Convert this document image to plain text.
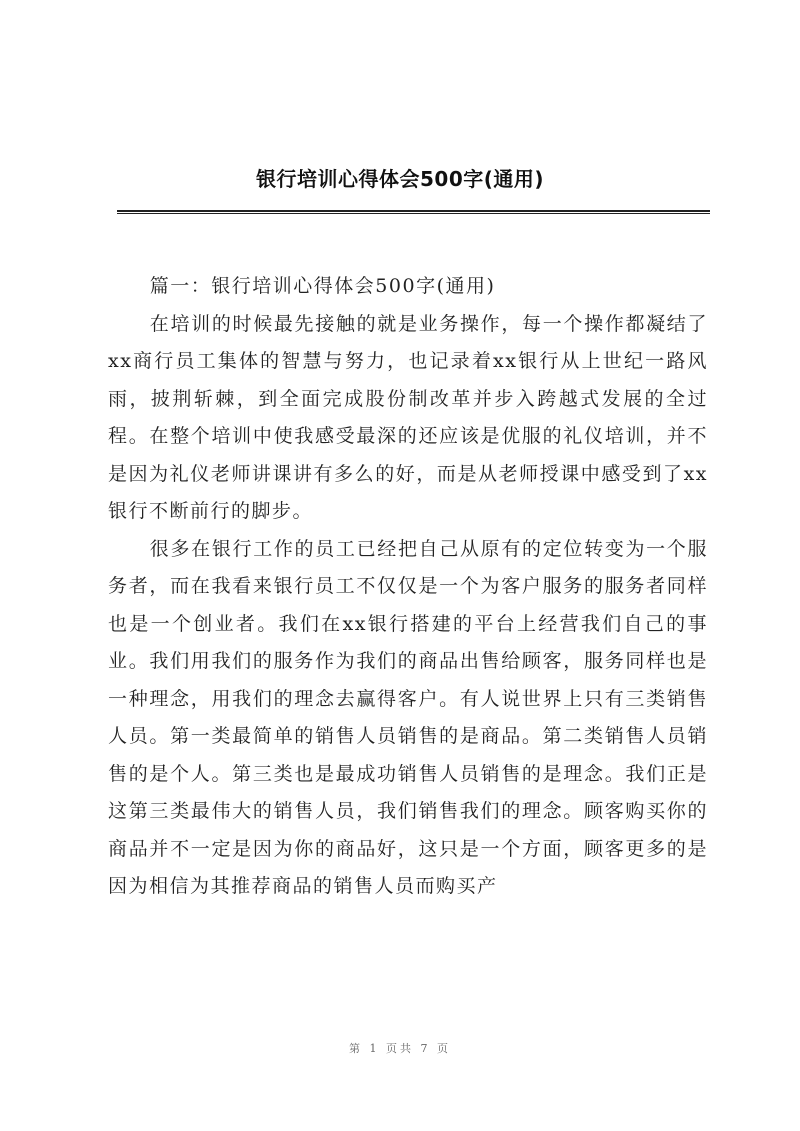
银行培训心得体会500字(通用)

篇一：银行培训心得体会500字(通用)

在培训的时候最先接触的就是业务操作，每一个操作都凝结了xx商行员工集体的智慧与努力，也记录着xx银行从上世纪一路风雨，披荆斩棘，到全面完成股份制改革并步入跨越式发展的全过程。在整个培训中使我感受最深的还应该是优服的礼仪培训，并不是因为礼仪老师讲课讲有多么的好，而是从老师授课中感受到了xx银行不断前行的脚步。

很多在银行工作的员工已经把自己从原有的定位转变为一个服务者，而在我看来银行员工不仅仅是一个为客户服务的服务者同样也是一个创业者。我们在xx银行搭建的平台上经营我们自己的事业。我们用我们的服务作为我们的商品出售给顾客，服务同样也是一种理念，用我们的理念去赢得客户。有人说世界上只有三类销售人员。第一类最简单的销售人员销售的是商品。第二类销售人员销售的是个人。第三类也是最成功销售人员销售的是理念。我们正是这第三类最伟大的销售人员，我们销售我们的理念。顾客购买你的商品并不一定是因为你的商品好，这只是一个方面，顾客更多的是因为相信为其推荐商品的销售人员而购买产

第 1 页共 7 页
